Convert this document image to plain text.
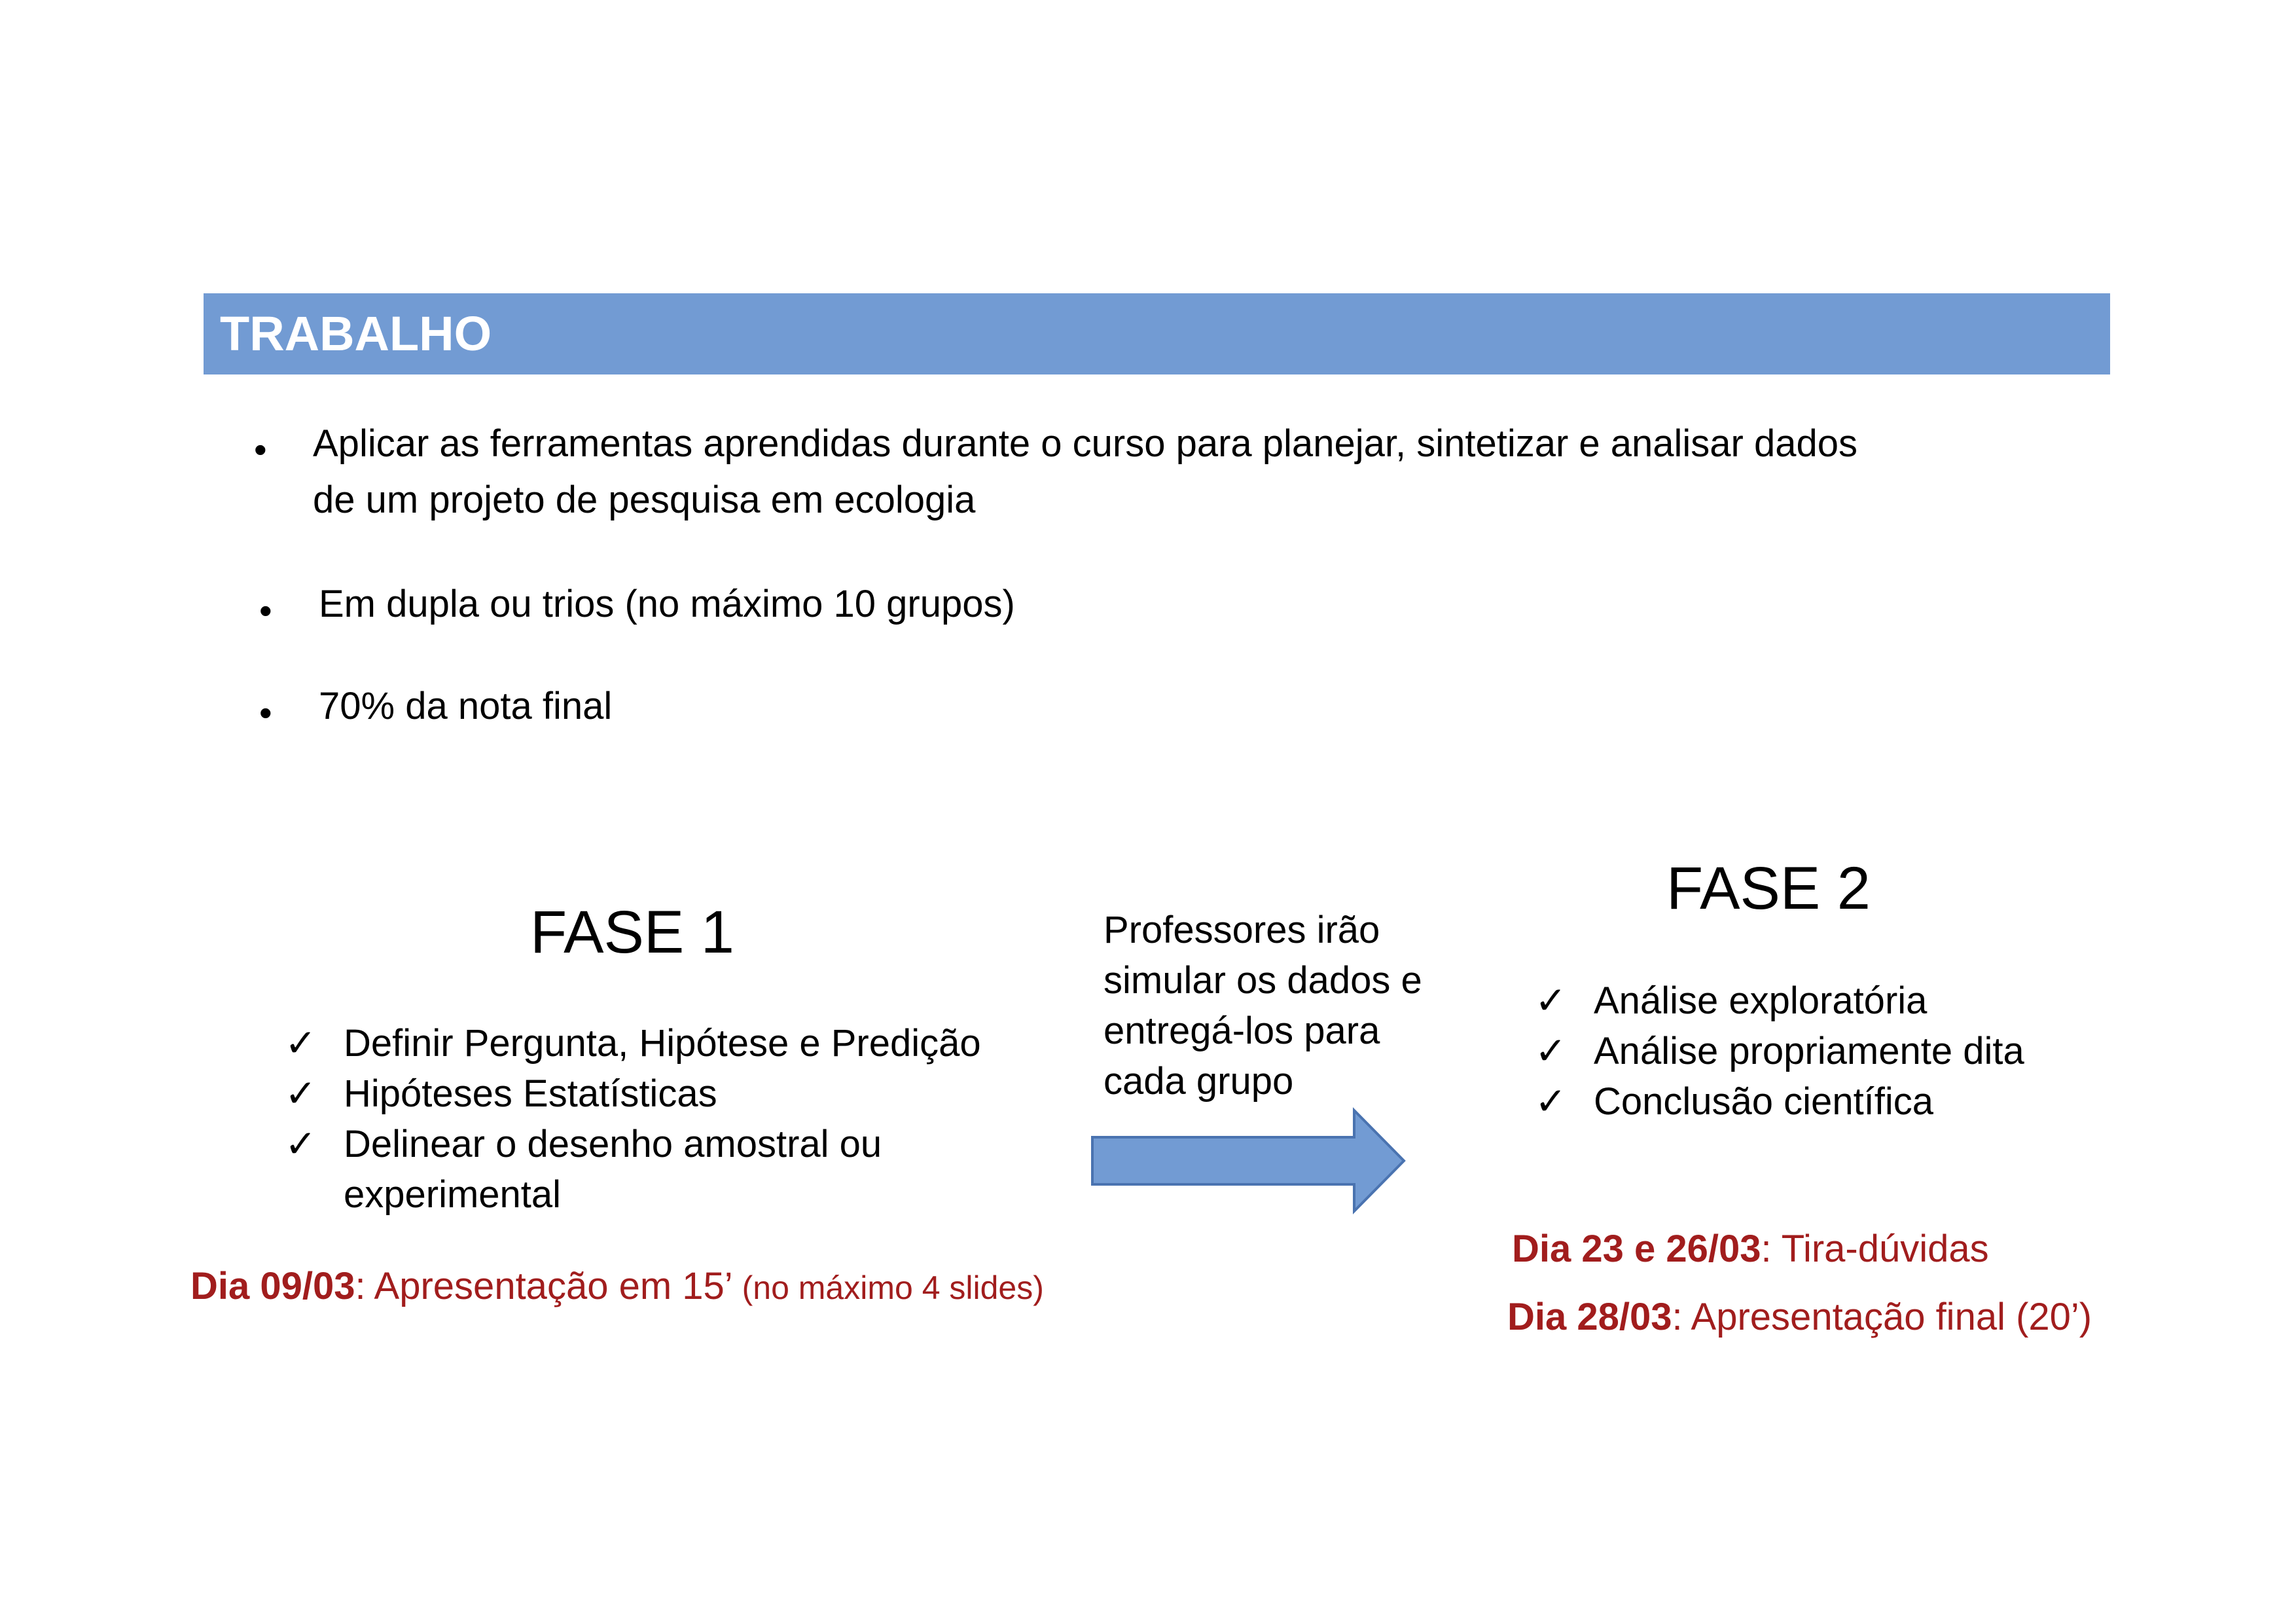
TRABALHO
• Aplicar as ferramentas aprendidas durante o curso para planejar, sintetizar e analisar dados
de um projeto de pesquisa em ecologia
• Em dupla ou trios (no máximo 10 grupos)
• 70% da nota final
FASE 1
✓ Definir Pergunta, Hipótese e Predição
✓ Hipóteses Estatísticas
✓ Delinear o desenho amostral ou
experimental
Dia 09/03: Apresentação em 15’ (no máximo 4 slides)
Professores irão
simular os dados e
entregá-los para
cada grupo
FASE 2
✓ Análise exploratória
✓ Análise propriamente dita
✓ Conclusão científica
Dia 23 e 26/03: Tira-dúvidas
Dia 28/03: Apresentação final (20’)
